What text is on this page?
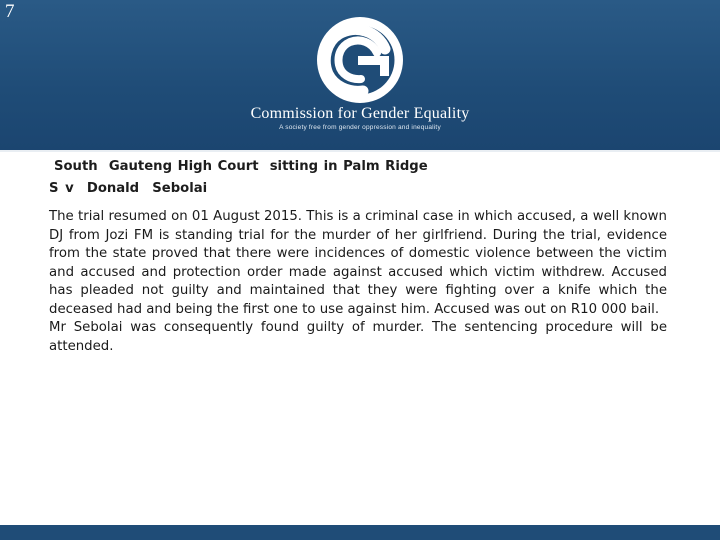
7
Commission for Gender Equality
A society free from gender oppression and inequality
South  Gauteng High Court  sitting in Palm Ridge
S v  Donald  Sebolai

The trial resumed on 01 August 2015. This is a criminal case in which accused, a well known DJ from Jozi FM is standing trial for the murder of her girlfriend. During the trial, evidence from the state proved that there were incidences of domestic violence between the victim and accused and protection order made against accused which victim withdrew. Accused has pleaded not guilty and maintained that they were fighting over a knife which the deceased had and being the first one to use against him. Accused was out on R10 000 bail.
Mr Sebolai was consequently found guilty of murder. The sentencing procedure will be attended.
